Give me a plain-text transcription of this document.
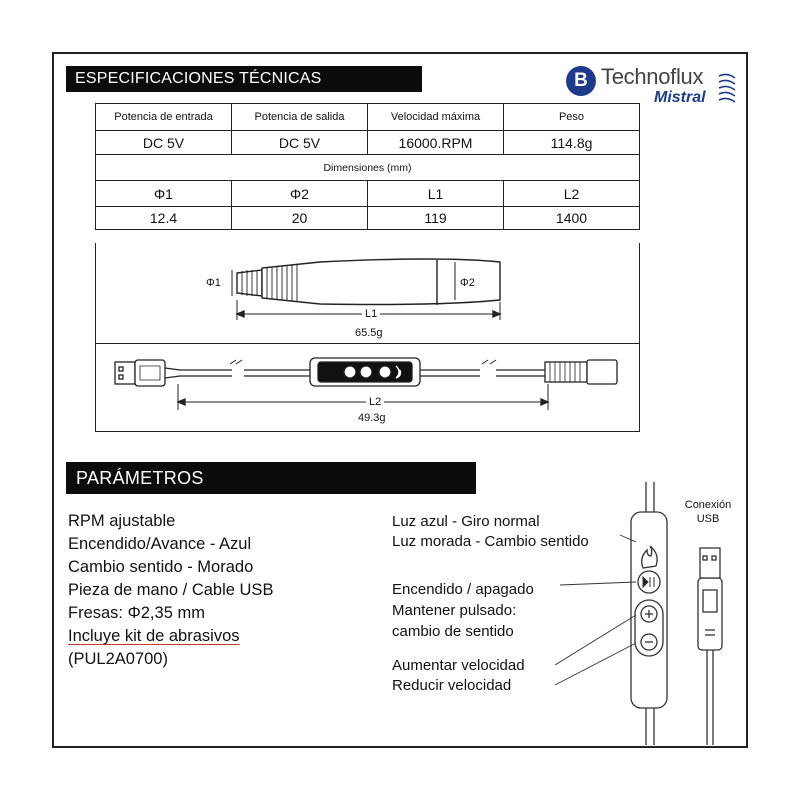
ESPECIFICACIONES TÉCNICAS	B Technoflux
Mistral
Potencia de entrada	Potencia de salida	Velocidad máxima	Peso
DC 5V	DC 5V	16000.RPM	114.8g
Dimensiones (mm)			
Φ1	Φ2	L1	L2
12.4	20	119	1400
Φ1	Φ2
L1
65.5g
L2
49.3g
PARÁMETROS
RPM ajustable
Encendido/Avance - Azul
Cambio sentido - Morado
Pieza de mano / Cable USB
Fresas: Φ2,35 mm
Incluye kit de abrasivos
(PUL2A0700)
Luz azul - Giro normal
Luz morada - Cambio sentido
Encendido / apagado
Mantener pulsado:
cambio de sentido
Aumentar velocidad
Reducir velocidad
Conexión
USB
